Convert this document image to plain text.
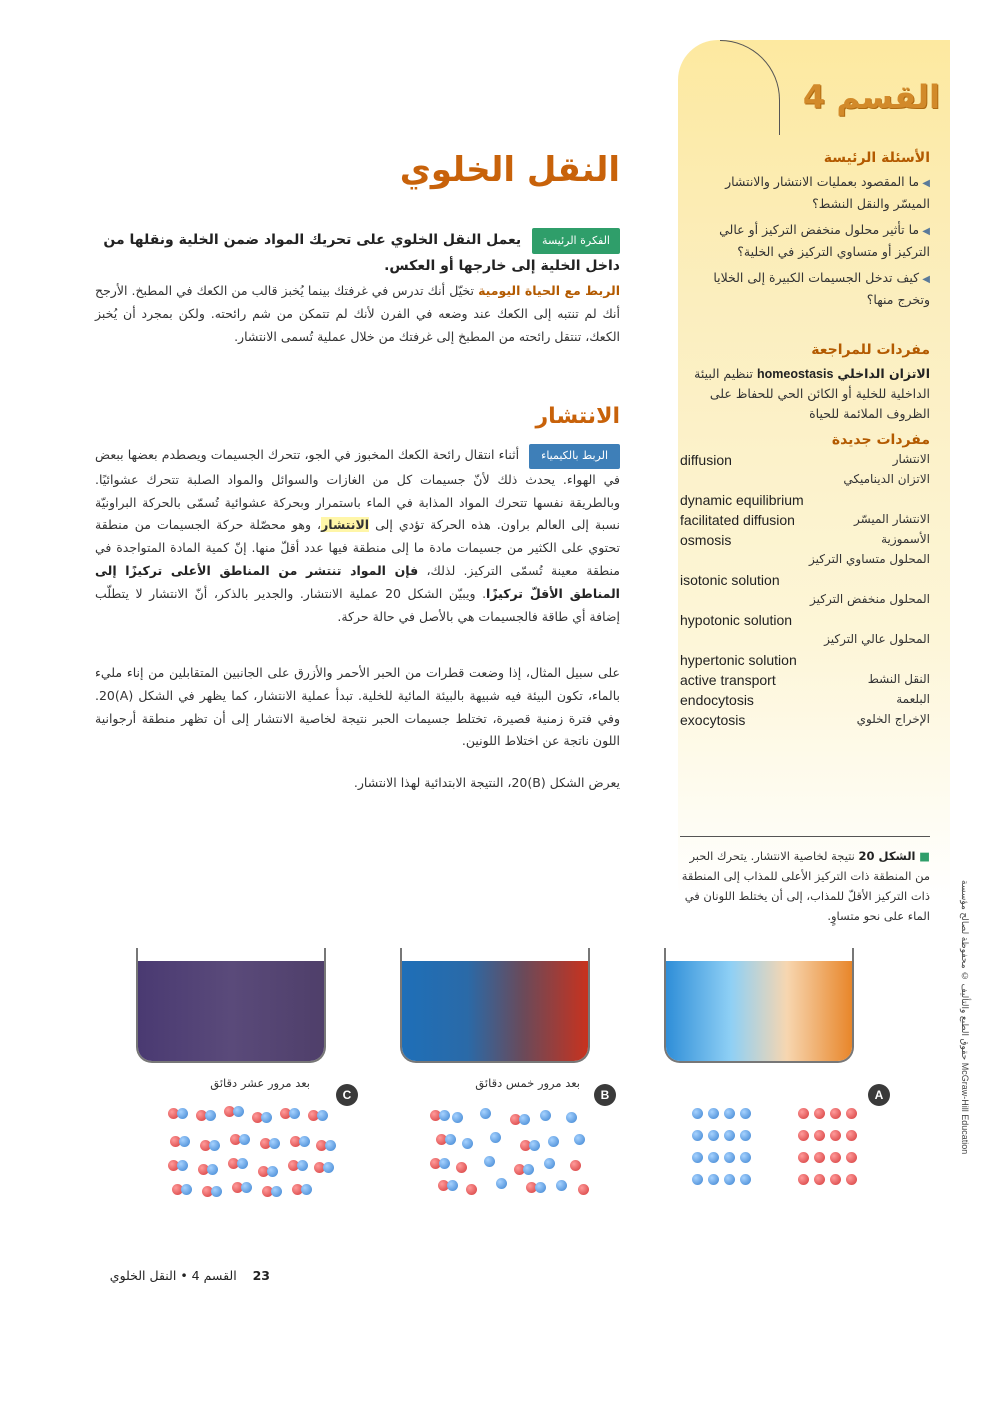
القسم 4
النقل الخلوي	الأسئلة الرئيسة
◀ ما المقصود بعمليات الانتشار والانتشار الميسّر والنقل النشط؟
◀ ما تأثير محلول منخفض التركيز أو عالي التركيز أو متساوي التركيز في الخلية؟
◀ كيف تدخل الجسيمات الكبيرة إلى الخلايا وتخرج منها؟
مفردات للمراجعة
الاتزان الداخلي homeostasis تنظيم البيئة الداخلية للخلية أو الكائن الحي للحفاظ على الظروف الملائمة للحياة
مفردات جديدة
الانتشار
diffusion
الاتزان الديناميكي
dynamic equilibrium
الانتشار الميسّر
facilitated diffusion
الأسموزية
osmosis
المحلول متساوي التركيز
isotonic solution
المحلول منخفض التركيز
hypotonic solution
المحلول عالي التركيز
hypertonic solution
النقل النشط
active transport
البلعمة
endocytosis
الإخراج الخلوي
exocytosis
الفكرة الرئيسة يعمل النقل الخلوي على تحريك المواد ضمن الخلية ونقلها من داخل الخلية إلى خارجها أو العكس.
الربط مع الحياة اليومية تخيّل أنك تدرس في غرفتك بينما يُخبز قالب من الكعك في المطبخ. الأرجح أنك لم تنتبه إلى الكعك عند وضعه في الفرن لأنك لم تتمكن من شم رائحته. ولكن بمجرد أن يُخبز الكعك، تنتقل رائحته من المطبخ إلى غرفتك من خلال عملية تُسمى الانتشار.
الانتشار
الربط بالكيمياء أثناء انتقال رائحة الكعك المخبوز في الجو، تتحرك الجسيمات ويصطدم بعضها ببعض في الهواء. يحدث ذلك لأنّ جسيمات كل من الغازات والسوائل والمواد الصلبة تتحرك عشوائيًا. وبالطريقة نفسها تتحرك المواد المذابة في الماء باستمرار وبحركة عشوائية تُسمّى بالحركة البراونيّة نسبة إلى العالم براون. هذه الحركة تؤدي إلى الانتشار، وهو محصّلة حركة الجسيمات من منطقة تحتوي على الكثير من جسيمات مادة ما إلى منطقة فيها عدد أقلّ منها. إنّ كمية المادة المتواجدة في منطقة معينة تُسمّى التركيز. لذلك، فإن المواد تنتشر من المناطق الأعلى تركيزًا إلى المناطق الأقلّ تركيزًا. ويبيّن الشكل 20 عملية الانتشار. والجدير بالذكر، أنّ الانتشار لا يتطلّب إضافة أي طاقة فالجسيمات هي بالأصل في حالة حركة.
على سبيل المثال، إذا وضعت قطرات من الحبر الأحمر والأزرق على الجانبين المتقابلين من إناء مليء بالماء، تكون البيئة فيه شبيهة بالبيئة المائية للخلية. تبدأ عملية الانتشار، كما يظهر في الشكل (A)20. وفي فترة زمنية قصيرة، تختلط جسيمات الحبر نتيجة لخاصية الانتشار إلى أن تظهر منطقة أرجوانية اللون ناتجة عن اختلاط اللونين.
يعرض الشكل (B)20، النتيجة الابتدائية لهذا الانتشار.
■ الشكل 20 نتيجة لخاصية الانتشار. يتحرك الحبر من المنطقة ذات التركيز الأعلى للمذاب إلى المنطقة ذات التركيز الأقلّ للمذاب، إلى أن يختلط اللونان في الماء على نحو متساوٍ.
A
B
C
بعد مرور خمس دقائق
بعد مرور عشر دقائق
23    القسم 4 • النقل الخلوي
حقوق الطبع والتأليف © محفوظة لصالح مؤسسة McGraw-Hill Education
